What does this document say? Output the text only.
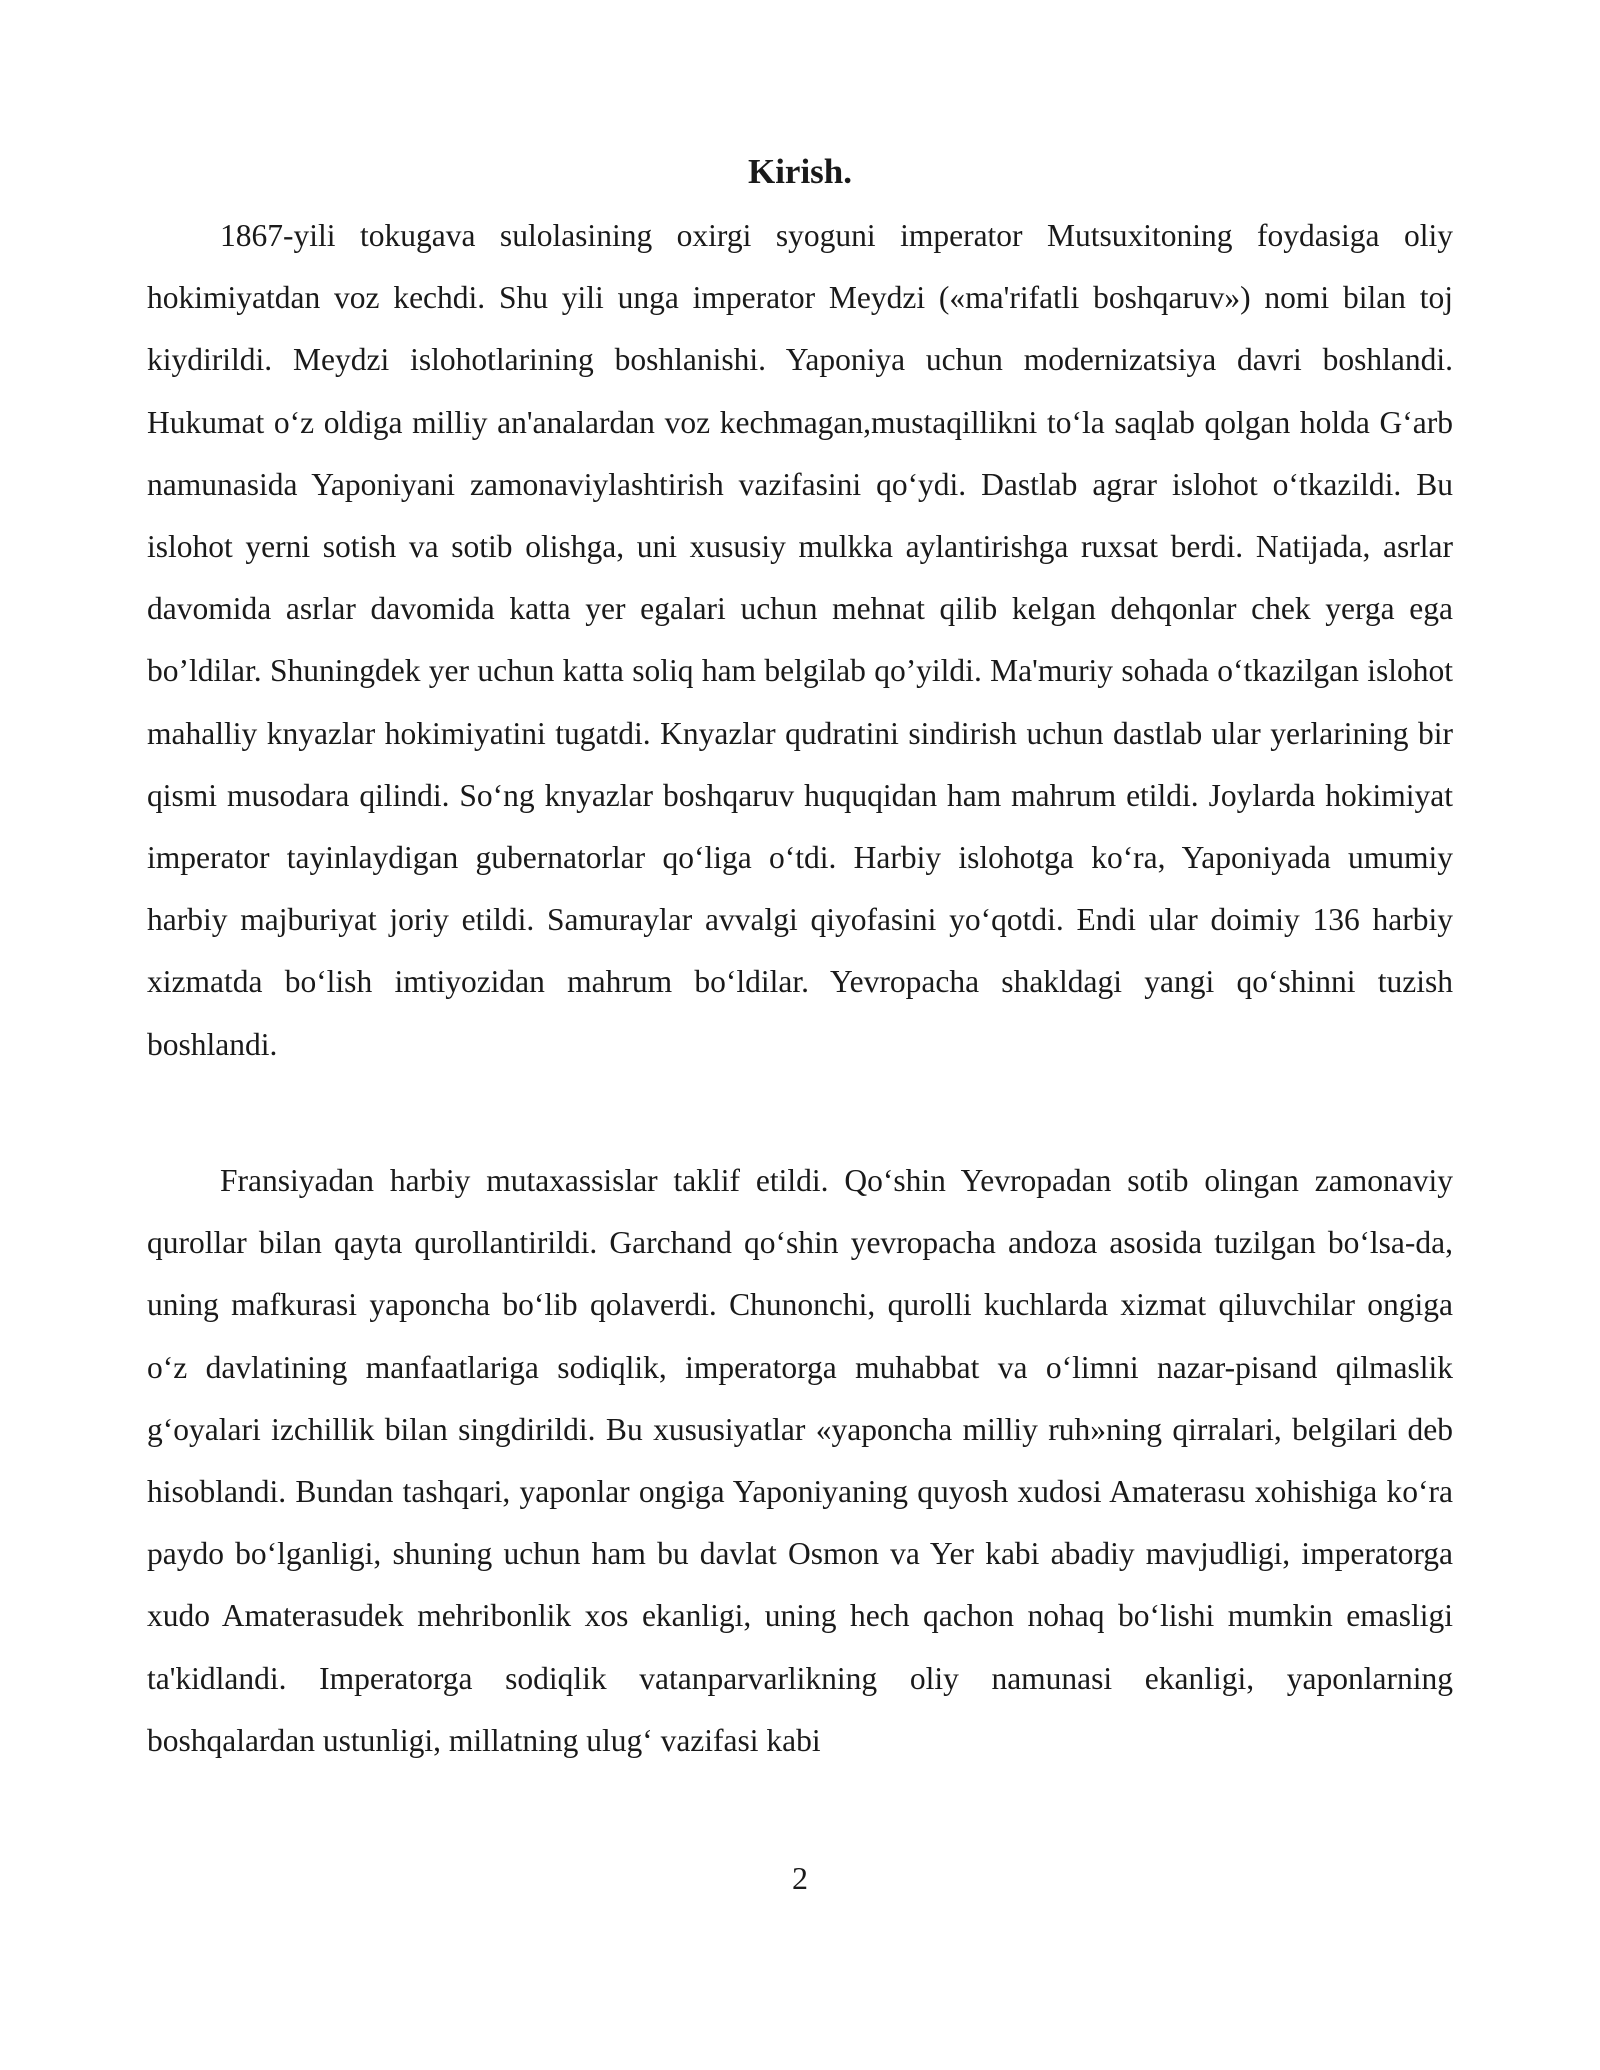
Kirish.

1867-yili tokugava sulolasining oxirgi syoguni imperator Mutsuxitoning foydasiga oliy hokimiyatdan voz kechdi. Shu yili unga imperator Meydzi («ma'rifatli boshqaruv») nomi bilan toj kiydirildi. Meydzi islohotlarining boshlanishi. Yaponiya uchun modernizatsiya davri boshlandi. Hukumat o‘z oldiga milliy an'analardan voz kechmagan,mustaqillikni to‘la saqlab qolgan holda G‘arb namunasida Yaponiyani zamonaviylashtirish vazifasini qo‘ydi. Dastlab agrar islohot o‘tkazildi. Bu islohot yerni sotish va sotib olishga, uni xususiy mulkka aylantirishga ruxsat berdi. Natijada, asrlar davomida asrlar davomida katta yer egalari uchun mehnat qilib kelgan dehqonlar chek yerga ega bo’ldilar. Shuningdek yer uchun katta soliq ham belgilab qo’yildi. Ma'muriy sohada o‘tkazilgan islohot mahalliy knyazlar hokimiyatini tugatdi. Knyazlar qudratini sindirish uchun dastlab ular yerlarining bir qismi musodara qilindi. So‘ng knyazlar boshqaruv huquqidan ham mahrum etildi. Joylarda hokimiyat imperator tayinlaydigan gubernatorlar qo‘liga o‘tdi. Harbiy islohotga ko‘ra, Yaponiyada umumiy harbiy majburiyat joriy etildi. Samuraylar avvalgi qiyofasini yo‘qotdi. Endi ular doimiy 136 harbiy xizmatda bo‘lish imtiyozidan mahrum bo‘ldilar. Yevropacha shakldagi yangi qo‘shinni tuzish boshlandi.

Fransiyadan harbiy mutaxassislar taklif etildi. Qo‘shin Yevropadan sotib olingan zamonaviy qurollar bilan qayta qurollantirildi. Garchand qo‘shin yevropacha andoza asosida tuzilgan bo‘lsa-da, uning mafkurasi yaponcha bo‘lib qolaverdi. Chunonchi, qurolli kuchlarda xizmat qiluvchilar ongiga o‘z davlatining manfaatlariga sodiqlik, imperatorga muhabbat va o‘limni nazar-pisand qilmaslik g‘oyalari izchillik bilan singdirildi. Bu xususiyatlar «yaponcha milliy ruh»ning qirralari, belgilari deb hisoblandi. Bundan tashqari, yaponlar ongiga Yaponiyaning quyosh xudosi Amaterasu xohishiga ko‘ra paydo bo‘lganligi, shuning uchun ham bu davlat Osmon va Yer kabi abadiy mavjudligi, imperatorga xudo Amaterasudek mehribonlik xos ekanligi, uning hech qachon nohaq bo‘lishi mumkin emasligi ta'kidlandi. Imperatorga sodiqlik vatanparvarlikning oliy namunasi ekanligi, yaponlarning boshqalardan ustunligi, millatning ulug‘ vazifasi kabi

2
